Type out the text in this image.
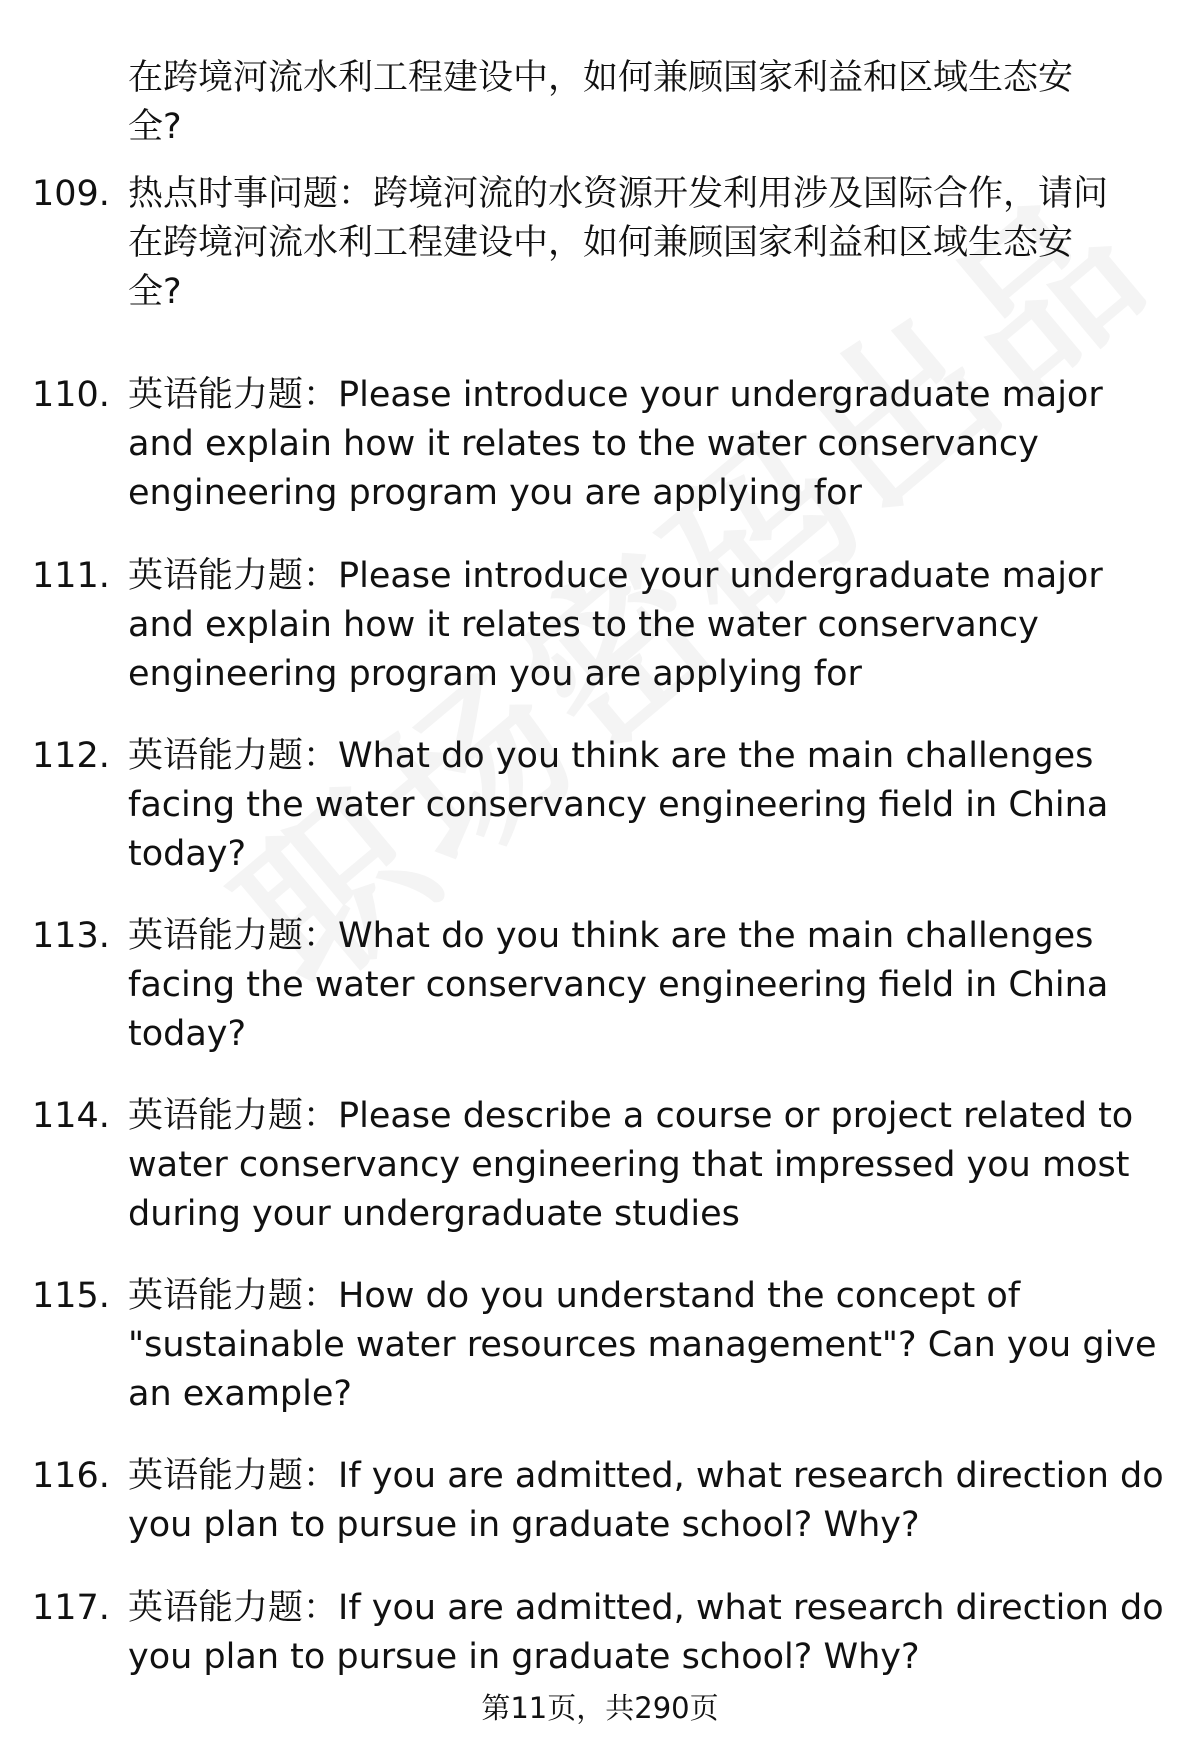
在跨境河流水利工程建设中，如何兼顾国家利益和区域生态安
全?
109. 热点时事问题：跨境河流的水资源开发利用涉及国际合作，请问
在跨境河流水利工程建设中，如何兼顾国家利益和区域生态安
全?
110. 英语能力题：Please introduce your undergraduate major
and explain how it relates to the water conservancy
engineering program you are applying for
111. 英语能力题：Please introduce your undergraduate major
and explain how it relates to the water conservancy
engineering program you are applying for
112. 英语能力题：What do you think are the main challenges
facing the water conservancy engineering field in China
today?
113. 英语能力题：What do you think are the main challenges
facing the water conservancy engineering field in China
today?
114. 英语能力题：Please describe a course or project related to
water conservancy engineering that impressed you most
during your undergraduate studies
115. 英语能力题：How do you understand the concept of
"sustainable water resources management"? Can you give
an example?
116. 英语能力题：If you are admitted, what research direction do
you plan to pursue in graduate school? Why?
117. 英语能力题：If you are admitted, what research direction do
you plan to pursue in graduate school? Why?
第11页，共290页
